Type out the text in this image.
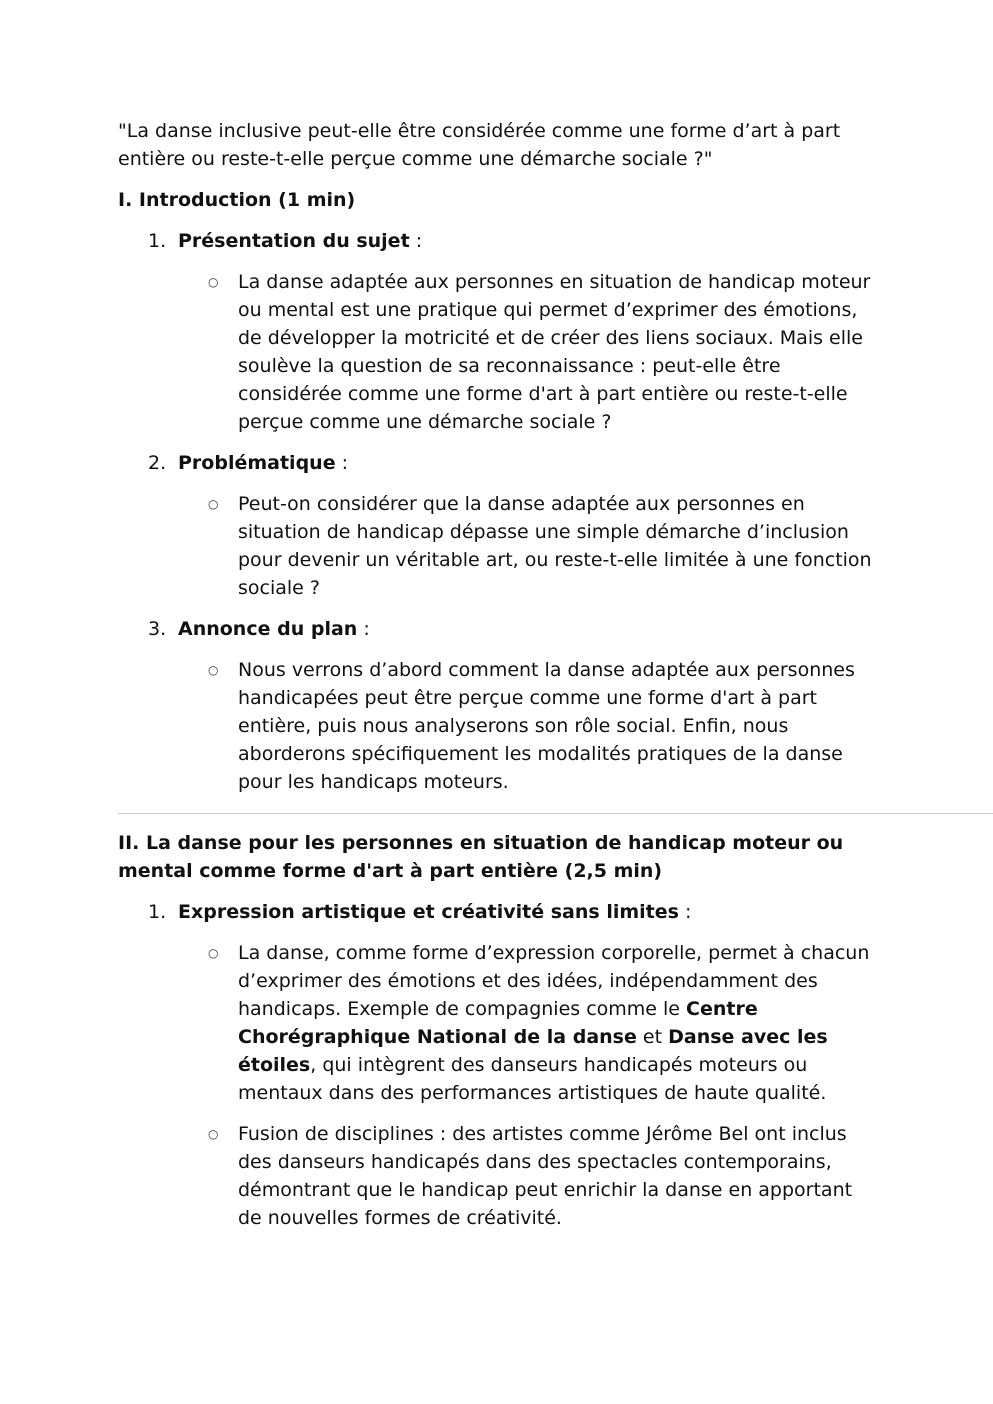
"La danse inclusive peut-elle être considérée comme une forme d’art à part entière ou reste-t-elle perçue comme une démarche sociale ?"

I. Introduction (1 min)
1. Présentation du sujet :
○ La danse adaptée aux personnes en situation de handicap moteur ou mental est une pratique qui permet d’exprimer des émotions, de développer la motricité et de créer des liens sociaux. Mais elle soulève la question de sa reconnaissance : peut-elle être considérée comme une forme d'art à part entière ou reste-t-elle perçue comme une démarche sociale ?
2. Problématique :
○ Peut-on considérer que la danse adaptée aux personnes en situation de handicap dépasse une simple démarche d’inclusion pour devenir un véritable art, ou reste-t-elle limitée à une fonction sociale ?
3. Annonce du plan :
○ Nous verrons d’abord comment la danse adaptée aux personnes handicapées peut être perçue comme une forme d'art à part entière, puis nous analyserons son rôle social. Enfin, nous aborderons spécifiquement les modalités pratiques de la danse pour les handicaps moteurs.
II. La danse pour les personnes en situation de handicap moteur ou mental comme forme d'art à part entière (2,5 min)
1. Expression artistique et créativité sans limites :
○ La danse, comme forme d’expression corporelle, permet à chacun d’exprimer des émotions et des idées, indépendamment des handicaps. Exemple de compagnies comme le Centre Chorégraphique National de la danse et Danse avec les étoiles, qui intègrent des danseurs handicapés moteurs ou mentaux dans des performances artistiques de haute qualité.
○ Fusion de disciplines : des artistes comme Jérôme Bel ont inclus des danseurs handicapés dans des spectacles contemporains, démontrant que le handicap peut enrichir la danse en apportant de nouvelles formes de créativité.
